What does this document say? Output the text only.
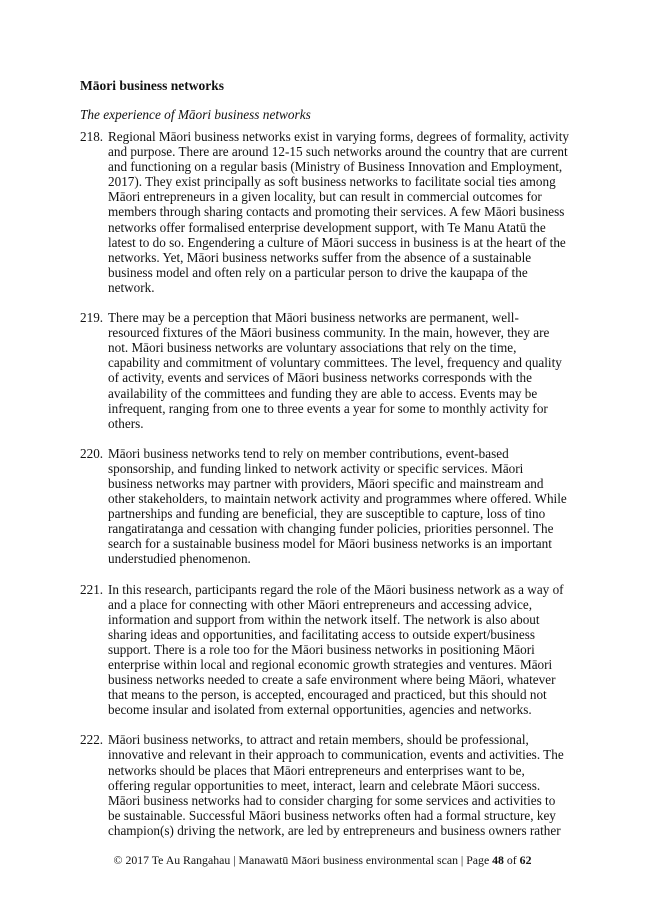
Māori business networks

The experience of Māori business networks

218. Regional Māori business networks exist in varying forms, degrees of formality, activity and purpose. There are around 12-15 such networks around the country that are current and functioning on a regular basis (Ministry of Business Innovation and Employment, 2017). They exist principally as soft business networks to facilitate social ties among Māori entrepreneurs in a given locality, but can result in commercial outcomes for members through sharing contacts and promoting their services. A few Māori business networks offer formalised enterprise development support, with Te Manu Atatū the latest to do so. Engendering a culture of Māori success in business is at the heart of the networks. Yet, Māori business networks suffer from the absence of a sustainable business model and often rely on a particular person to drive the kaupapa of the network.

219. There may be a perception that Māori business networks are permanent, well-resourced fixtures of the Māori business community. In the main, however, they are not. Māori business networks are voluntary associations that rely on the time, capability and commitment of voluntary committees. The level, frequency and quality of activity, events and services of Māori business networks corresponds with the availability of the committees and funding they are able to access. Events may be infrequent, ranging from one to three events a year for some to monthly activity for others.

220. Māori business networks tend to rely on member contributions, event-based sponsorship, and funding linked to network activity or specific services. Māori business networks may partner with providers, Māori specific and mainstream and other stakeholders, to maintain network activity and programmes where offered. While partnerships and funding are beneficial, they are susceptible to capture, loss of tino rangatiratanga and cessation with changing funder policies, priorities personnel. The search for a sustainable business model for Māori business networks is an important understudied phenomenon.

221. In this research, participants regard the role of the Māori business network as a way of and a place for connecting with other Māori entrepreneurs and accessing advice, information and support from within the network itself. The network is also about sharing ideas and opportunities, and facilitating access to outside expert/business support. There is a role too for the Māori business networks in positioning Māori enterprise within local and regional economic growth strategies and ventures. Māori business networks needed to create a safe environment where being Māori, whatever that means to the person, is accepted, encouraged and practiced, but this should not become insular and isolated from external opportunities, agencies and networks.

222. Māori business networks, to attract and retain members, should be professional, innovative and relevant in their approach to communication, events and activities. The networks should be places that Māori entrepreneurs and enterprises want to be, offering regular opportunities to meet, interact, learn and celebrate Māori success. Māori business networks had to consider charging for some services and activities to be sustainable. Successful Māori business networks often had a formal structure, key champion(s) driving the network, are led by entrepreneurs and business owners rather

© 2017 Te Au Rangahau | Manawatū Māori business environmental scan | Page 48 of 62
